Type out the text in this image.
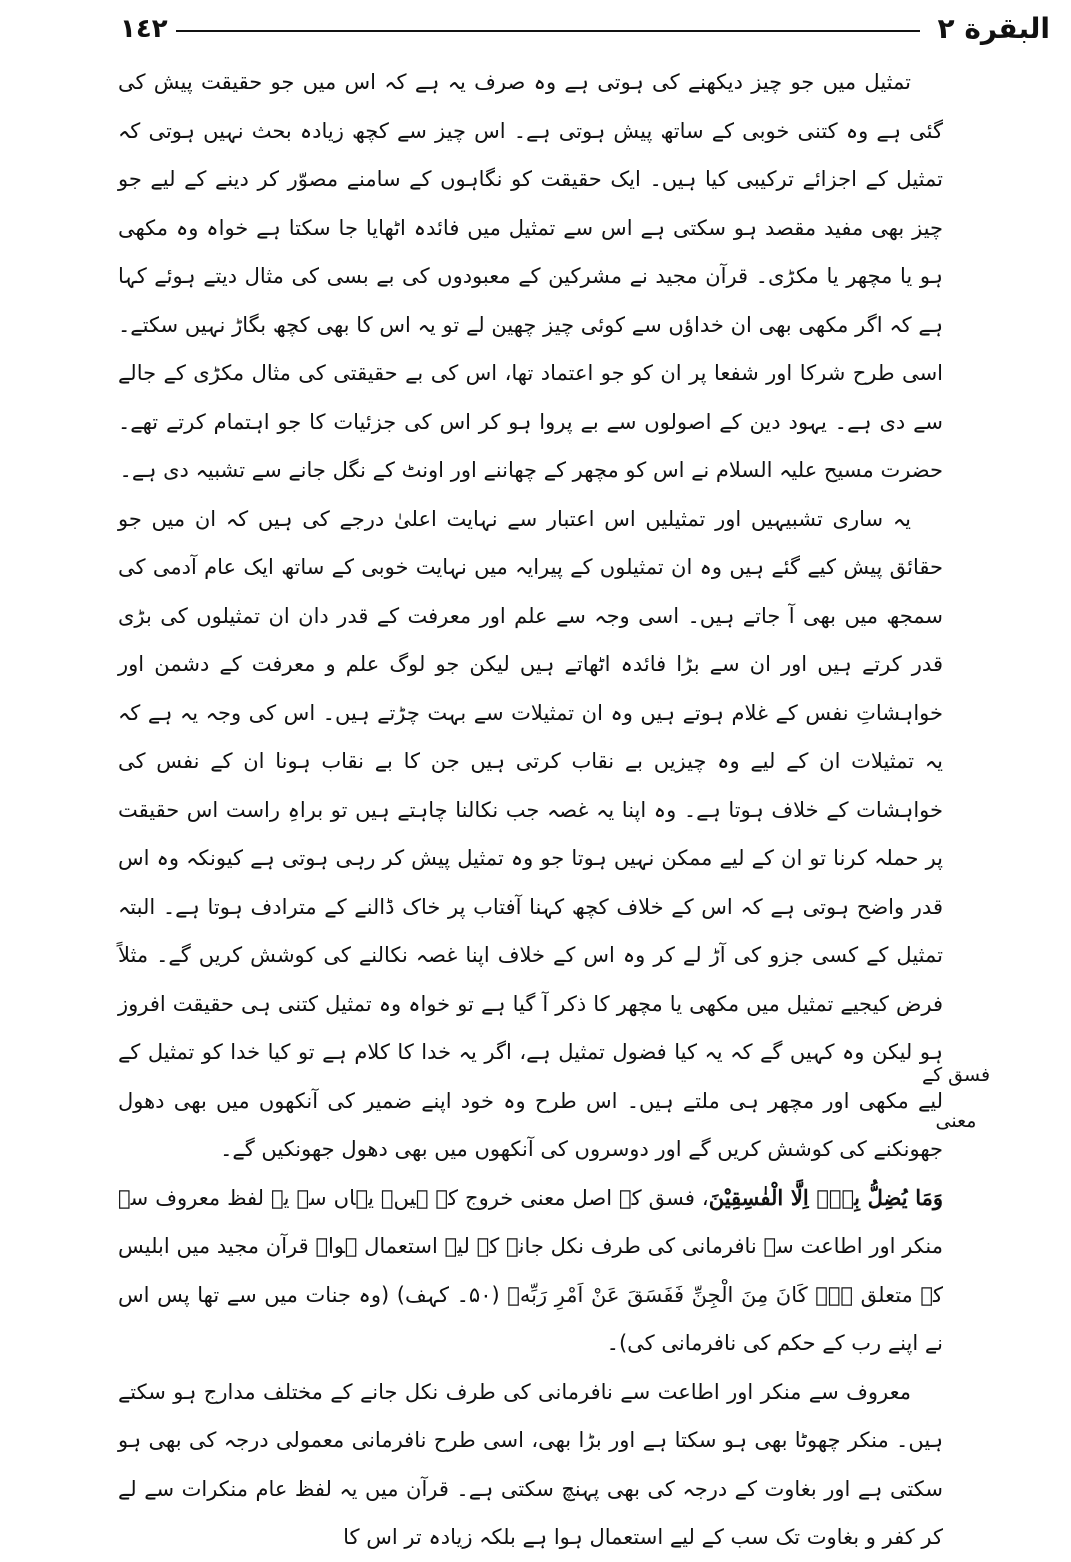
١٤٢	البقرة ٢

تمثیل میں جو چیز دیکھنے کی ہوتی ہے وہ صرف یہ ہے کہ اس میں جو حقیقت پیش کی گئی ہے وہ کتنی خوبی کے ساتھ پیش ہوتی ہے۔ اس چیز سے کچھ زیادہ بحث نہیں ہوتی کہ تمثیل کے اجزائے ترکیبی کیا ہیں۔ ایک حقیقت کو نگاہوں کے سامنے مصوّر کر دینے کے لیے جو چیز بھی مفید مقصد ہو سکتی ہے اس سے تمثیل میں فائدہ اٹھایا جا سکتا ہے خواہ وہ مکھی ہو یا مچھر یا مکڑی۔ قرآن مجید نے مشرکین کے معبودوں کی بے بسی کی مثال دیتے ہوئے کہا ہے کہ اگر مکھی بھی ان خداؤں سے کوئی چیز چھین لے تو یہ اس کا بھی کچھ بگاڑ نہیں سکتے۔ اسی طرح شرکا اور شفعا پر ان کو جو اعتماد تھا، اس کی بے حقیقتی کی مثال مکڑی کے جالے سے دی ہے۔ یہود دین کے اصولوں سے بے پروا ہو کر اس کی جزئیات کا جو اہتمام کرتے تھے۔ حضرت مسیح علیہ السلام نے اس کو مچھر کے چھاننے اور اونٹ کے نگل جانے سے تشبیہ دی ہے۔

یہ ساری تشبیہیں اور تمثیلیں اس اعتبار سے نہایت اعلیٰ درجے کی ہیں کہ ان میں جو حقائق پیش کیے گئے ہیں وہ ان تمثیلوں کے پیرایہ میں نہایت خوبی کے ساتھ ایک عام آدمی کی سمجھ میں بھی آ جاتے ہیں۔ اسی وجہ سے علم اور معرفت کے قدر دان ان تمثیلوں کی بڑی قدر کرتے ہیں اور ان سے بڑا فائدہ اٹھاتے ہیں لیکن جو لوگ علم و معرفت کے دشمن اور خواہشاتِ نفس کے غلام ہوتے ہیں وہ ان تمثیلات سے بہت چڑتے ہیں۔ اس کی وجہ یہ ہے کہ یہ تمثیلات ان کے لیے وہ چیزیں بے نقاب کرتی ہیں جن کا بے نقاب ہونا ان کے نفس کی خواہشات کے خلاف ہوتا ہے۔ وہ اپنا یہ غصہ جب نکالنا چاہتے ہیں تو براہِ راست اس حقیقت پر حملہ کرنا تو ان کے لیے ممکن نہیں ہوتا جو وہ تمثیل پیش کر رہی ہوتی ہے کیونکہ وہ اس قدر واضح ہوتی ہے کہ اس کے خلاف کچھ کہنا آفتاب پر خاک ڈالنے کے مترادف ہوتا ہے۔ البتہ تمثیل کے کسی جزو کی آڑ لے کر وہ اس کے خلاف اپنا غصہ نکالنے کی کوشش کریں گے۔ مثلاً فرض کیجیے تمثیل میں مکھی یا مچھر کا ذکر آ گیا ہے تو خواہ وہ تمثیل کتنی ہی حقیقت افروز ہو لیکن وہ کہیں گے کہ یہ کیا فضول تمثیل ہے، اگر یہ خدا کا کلام ہے تو کیا خدا کو تمثیل کے لیے مکھی اور مچھر ہی ملتے ہیں۔ اس طرح وہ خود اپنے ضمیر کی آنکھوں میں بھی دھول جھونکنے کی کوشش کریں گے اور دوسروں کی آنکھوں میں بھی دھول جھونکیں گے۔

وَمَا يُضِلُّ بِهٖٓ اِلَّا الْفٰسِقِيْنَ، فسق کے اصل معنی خروج کے ہیں۔ یہاں سے یہ لفظ معروف سے منکر اور اطاعت سے نافرمانی کی طرف نکل جانے کے لیے استعمال ہوا۔ قرآن مجید میں ابلیس کے متعلق ہے۔ كَانَ مِنَ الْجِنِّ فَفَسَقَ عَنْ اَمْرِ رَبِّهٖ (۵۰۔ کہف) (وہ جنات میں سے تھا پس اس نے اپنے رب کے حکم کی نافرمانی کی)۔

معروف سے منکر اور اطاعت سے نافرمانی کی طرف نکل جانے کے مختلف مدارج ہو سکتے ہیں۔ منکر چھوٹا بھی ہو سکتا ہے اور بڑا بھی، اسی طرح نافرمانی معمولی درجہ کی بھی ہو سکتی ہے اور بغاوت کے درجہ کی بھی پہنچ سکتی ہے۔ قرآن میں یہ لفظ عام منکرات سے لے کر کفر و بغاوت تک سب کے لیے استعمال ہوا ہے بلکہ زیادہ تر اس کا

فسق کے
معنی
